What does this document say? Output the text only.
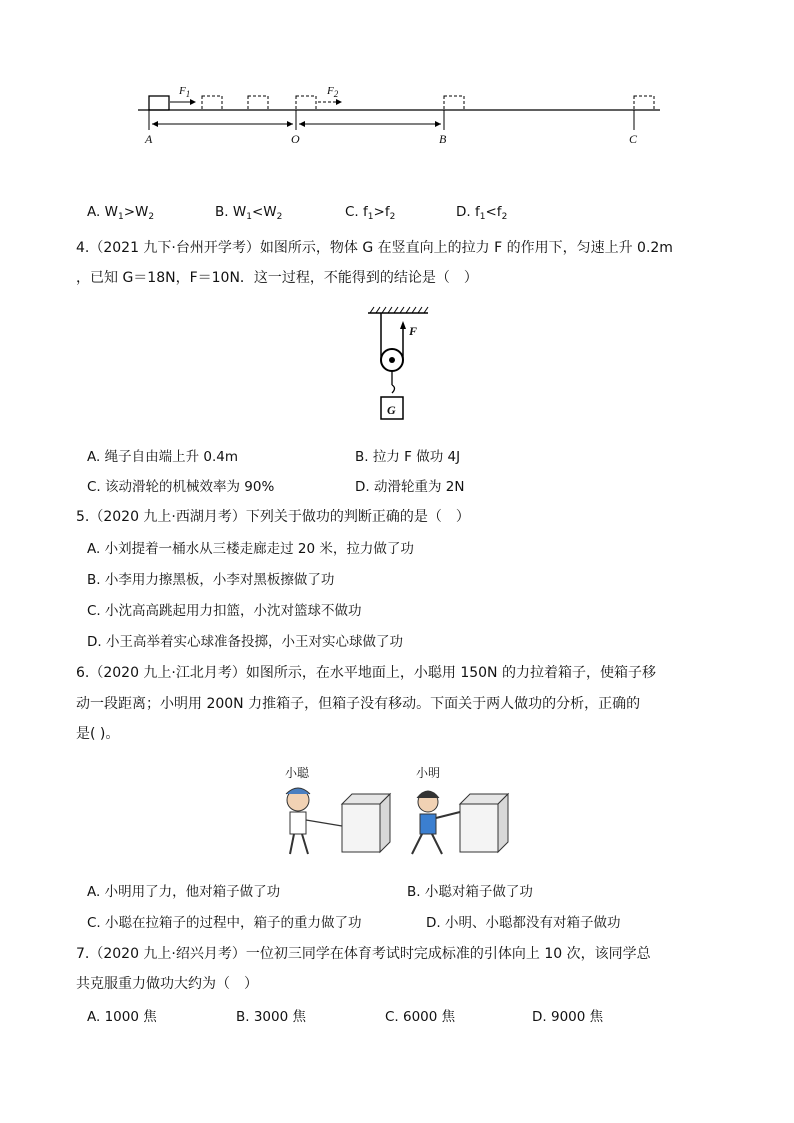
A	O	B	C
$F_1$	$F_2$
A. $W_1>W_2$	B. $W_1<W_2$	C. $f_1>f_2$	D. $f_1<f_2$
4.（2021 九下·台州开学考）如图所示，物体 G 在竖直向上的拉力 F 的作用下，匀速上升 0.2m
，已知 G＝18N，F＝10N．这一过程，不能得到的结论是（　）
F
G
A. 绳子自由端上升 0.4m	B. 拉力 F 做功 4J
C. 该动滑轮的机械效率为 90%	D. 动滑轮重为 2N
5.（2020 九上·西湖月考）下列关于做功的判断正确的是（　）
A. 小刘提着一桶水从三楼走廊走过 20 米，拉力做了功
B. 小李用力擦黑板，小李对黑板擦做了功
C. 小沈高高跳起用力扣篮，小沈对篮球不做功
D. 小王高举着实心球准备投掷，小王对实心球做了功
6.（2020 九上·江北月考）如图所示，在水平地面上，小聪用 150N 的力拉着箱子，使箱子移
动一段距离；小明用 200N 力推箱子，但箱子没有移动。下面关于两人做功的分析，正确的
是( )。
小聪	小明
A. 小明用了力，他对箱子做了功	B. 小聪对箱子做了功
C. 小聪在拉箱子的过程中，箱子的重力做了功	D. 小明、小聪都没有对箱子做功
7.（2020 九上·绍兴月考）一位初三同学在体育考试时完成标准的引体向上 10 次，该同学总
共克服重力做功大约为（　）
A. 1000 焦	B. 3000 焦	C. 6000 焦	D. 9000 焦
